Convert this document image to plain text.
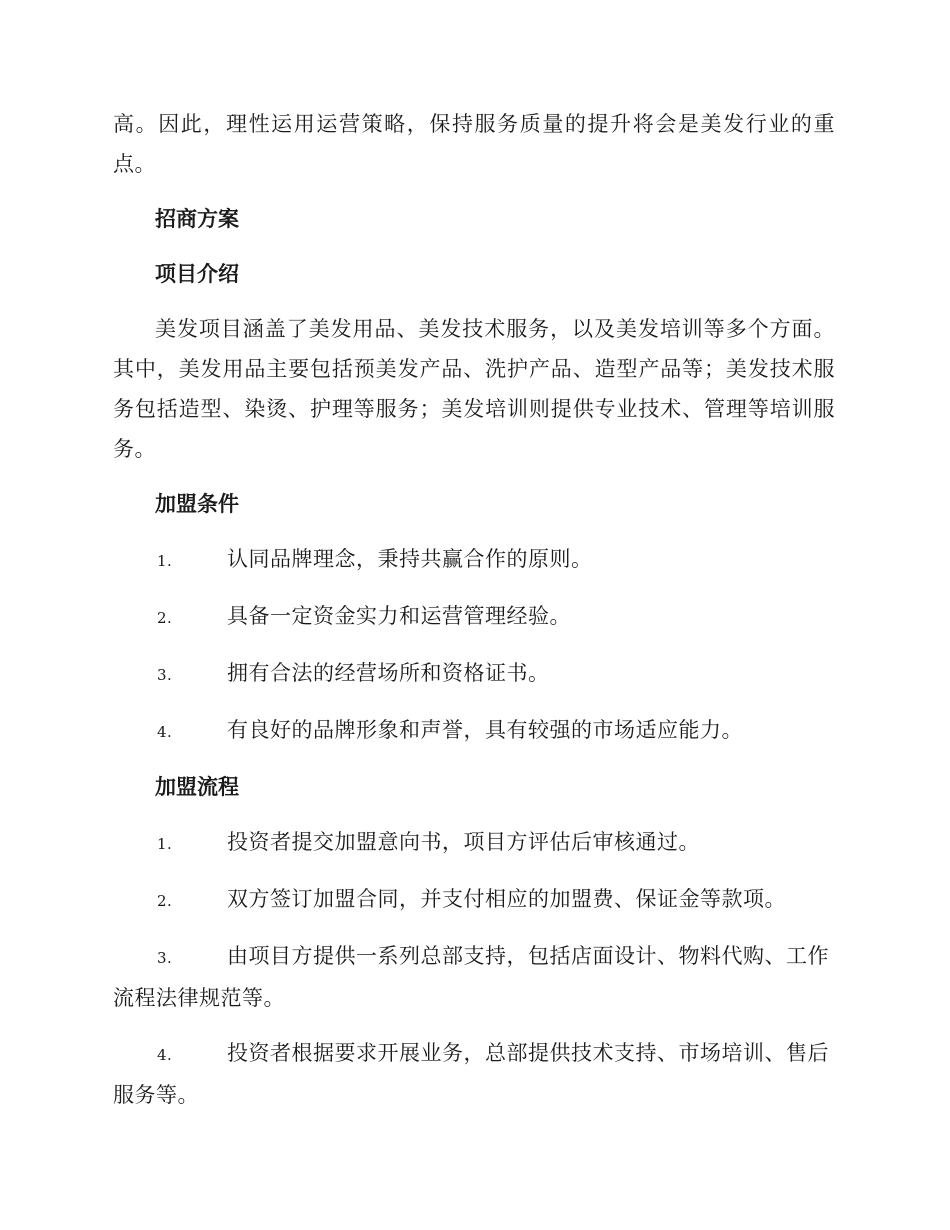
高。因此，理性运用运营策略，保持服务质量的提升将会是美发行业的重点。

招商方案

项目介绍

美发项目涵盖了美发用品、美发技术服务，以及美发培训等多个方面。其中，美发用品主要包括预美发产品、洗护产品、造型产品等；美发技术服务包括造型、染烫、护理等服务；美发培训则提供专业技术、管理等培训服务。

加盟条件

1.	认同品牌理念，秉持共赢合作的原则。

2.	具备一定资金实力和运营管理经验。

3.	拥有合法的经营场所和资格证书。

4.	有良好的品牌形象和声誉，具有较强的市场适应能力。

加盟流程

1.	投资者提交加盟意向书，项目方评估后审核通过。

2.	双方签订加盟合同，并支付相应的加盟费、保证金等款项。

3.	由项目方提供一系列总部支持，包括店面设计、物料代购、工作流程法律规范等。

4.	投资者根据要求开展业务，总部提供技术支持、市场培训、售后服务等。
